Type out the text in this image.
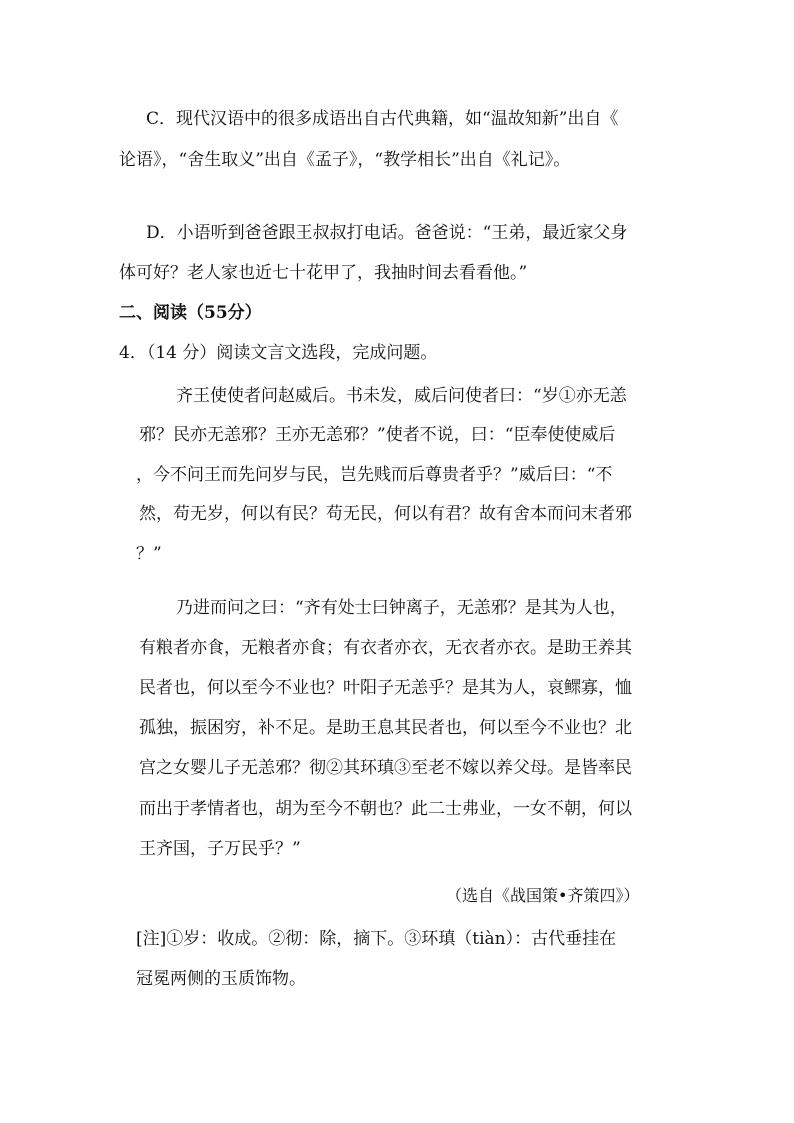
C．现代汉语中的很多成语出自古代典籍，如“温故知新”出自《
论语》，“舍生取义”出自《孟子》，“教学相长”出自《礼记》。
D．小语听到爸爸跟王叔叔打电话。爸爸说：“王弟，最近家父身
体可好？老人家也近七十花甲了，我抽时间去看看他。”
二、阅读（55分）
4．（14 分）阅读文言文选段，完成问题。
齐王使使者问赵威后。书未发，威后问使者曰：“岁①亦无恙
邪？民亦无恙邪？王亦无恙邪？”使者不说，曰：“臣奉使使威后
，今不问王而先问岁与民，岂先贱而后尊贵者乎？”威后曰：“不
然，苟无岁，何以有民？苟无民，何以有君？故有舍本而问末者邪
？”
乃进而问之曰：“齐有处士曰钟离子，无恙邪？是其为人也，
有粮者亦食，无粮者亦食；有衣者亦衣，无衣者亦衣。是助王养其
民者也，何以至今不业也？叶阳子无恙乎？是其为人，哀鳏寡，恤
孤独，振困穷，补不足。是助王息其民者也，何以至今不业也？北
宫之女婴儿子无恙邪？彻②其环瑱③至老不嫁以养父母。是皆率民
而出于孝情者也，胡为至今不朝也？此二士弗业，一女不朝，何以
王齐国，子万民乎？”
（选自《战国策•齐策四》）
[注]①岁：收成。②彻：除，摘下。③环瑱（tiàn）：古代垂挂在
冠冕两侧的玉质饰物。
